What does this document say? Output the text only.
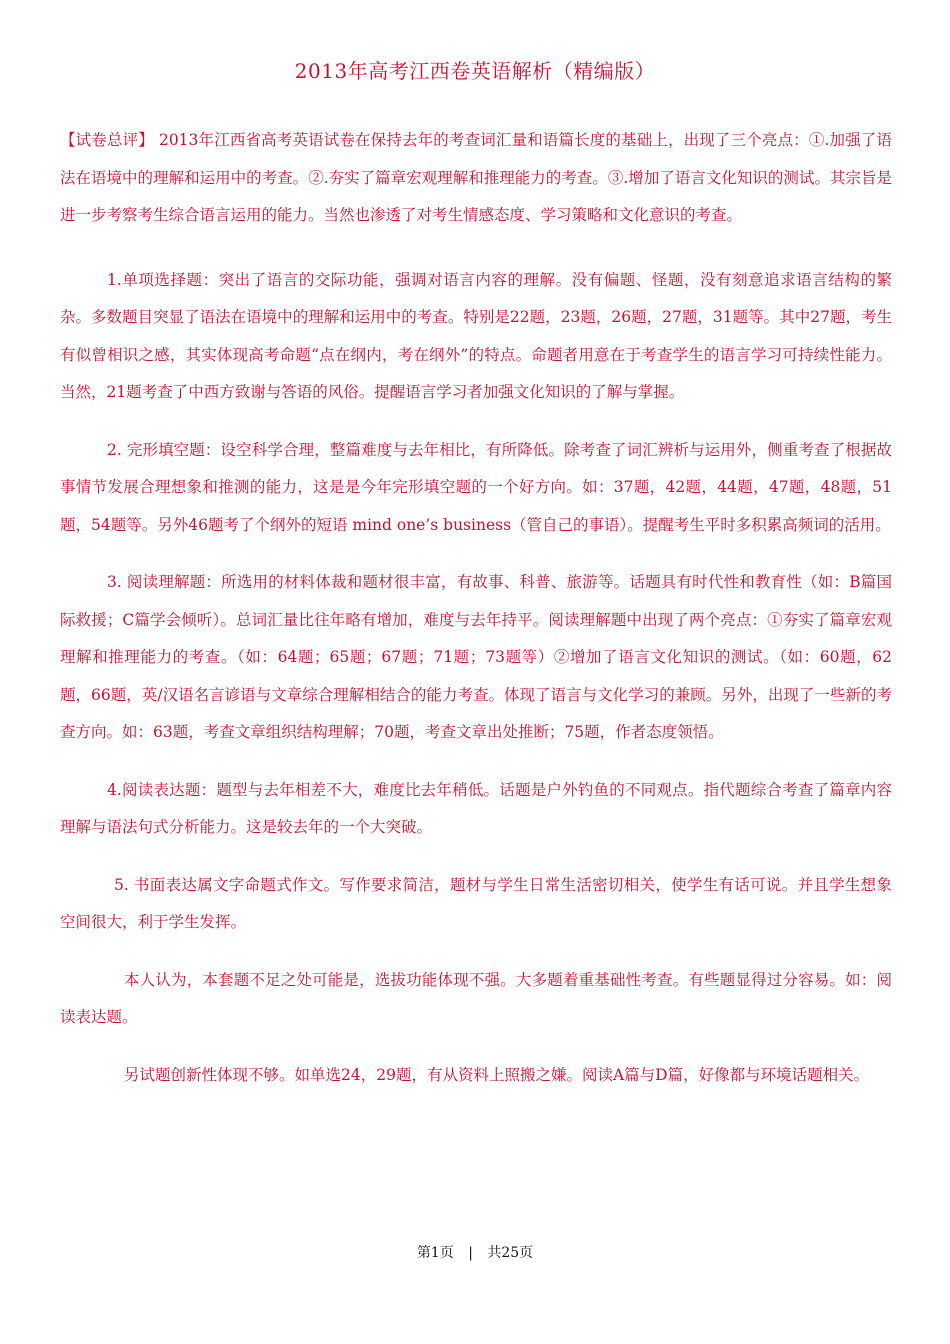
2013年高考江西卷英语解析（精编版）

【试卷总评】 2013年江西省高考英语试卷在保持去年的考查词汇量和语篇长度的基础上，出现了三个亮点：①.加强了语法在语境中的理解和运用中的考查。②.夯实了篇章宏观理解和推理能力的考查。③.增加了语言文化知识的测试。其宗旨是进一步考察考生综合语言运用的能力。当然也渗透了对考生情感态度、学习策略和文化意识的考查。

1.单项选择题：突出了语言的交际功能，强调对语言内容的理解。没有偏题、怪题，没有刻意追求语言结构的繁杂。多数题目突显了语法在语境中的理解和运用中的考查。特别是22题，23题，26题，27题，31题等。其中27题，考生有似曾相识之感，其实体现高考命题“点在纲内，考在纲外”的特点。命题者用意在于考查学生的语言学习可持续性能力。当然，21题考查了中西方致谢与答语的风俗。提醒语言学习者加强文化知识的了解与掌握。

2. 完形填空题：设空科学合理，整篇难度与去年相比，有所降低。除考查了词汇辨析与运用外，侧重考查了根据故事情节发展合理想象和推测的能力，这是是今年完形填空题的一个好方向。如：37题，42题，44题，47题，48题，51题，54题等。另外46题考了个纲外的短语 mind one’s business（管自己的事语）。提醒考生平时多积累高频词的活用。

3. 阅读理解题：所选用的材料体裁和题材很丰富，有故事、科普、旅游等。话题具有时代性和教育性（如：B篇国际救援；C篇学会倾听）。总词汇量比往年略有增加，难度与去年持平。阅读理解题中出现了两个亮点：①夯实了篇章宏观理解和推理能力的考查。（如：64题；65题；67题；71题；73题等）②增加了语言文化知识的测试。（如：60题，62题，66题，英/汉语名言谚语与文章综合理解相结合的能力考查。体现了语言与文化学习的兼顾。另外，出现了一些新的考查方向。如：63题，考查文章组织结构理解；70题，考查文章出处推断；75题，作者态度领悟。

4.阅读表达题：题型与去年相差不大，难度比去年稍低。话题是户外钓鱼的不同观点。指代题综合考查了篇章内容理解与语法句式分析能力。这是较去年的一个大突破。

5. 书面表达属文字命题式作文。写作要求简洁，题材与学生日常生活密切相关，使学生有话可说。并且学生想象空间很大，利于学生发挥。

本人认为，本套题不足之处可能是，选拔功能体现不强。大多题着重基础性考查。有些题显得过分容易。如：阅读表达题。

另试题创新性体现不够。如单选24，29题，有从资料上照搬之嫌。阅读A篇与D篇，好像都与环境话题相关。

第1页 | 共25页
